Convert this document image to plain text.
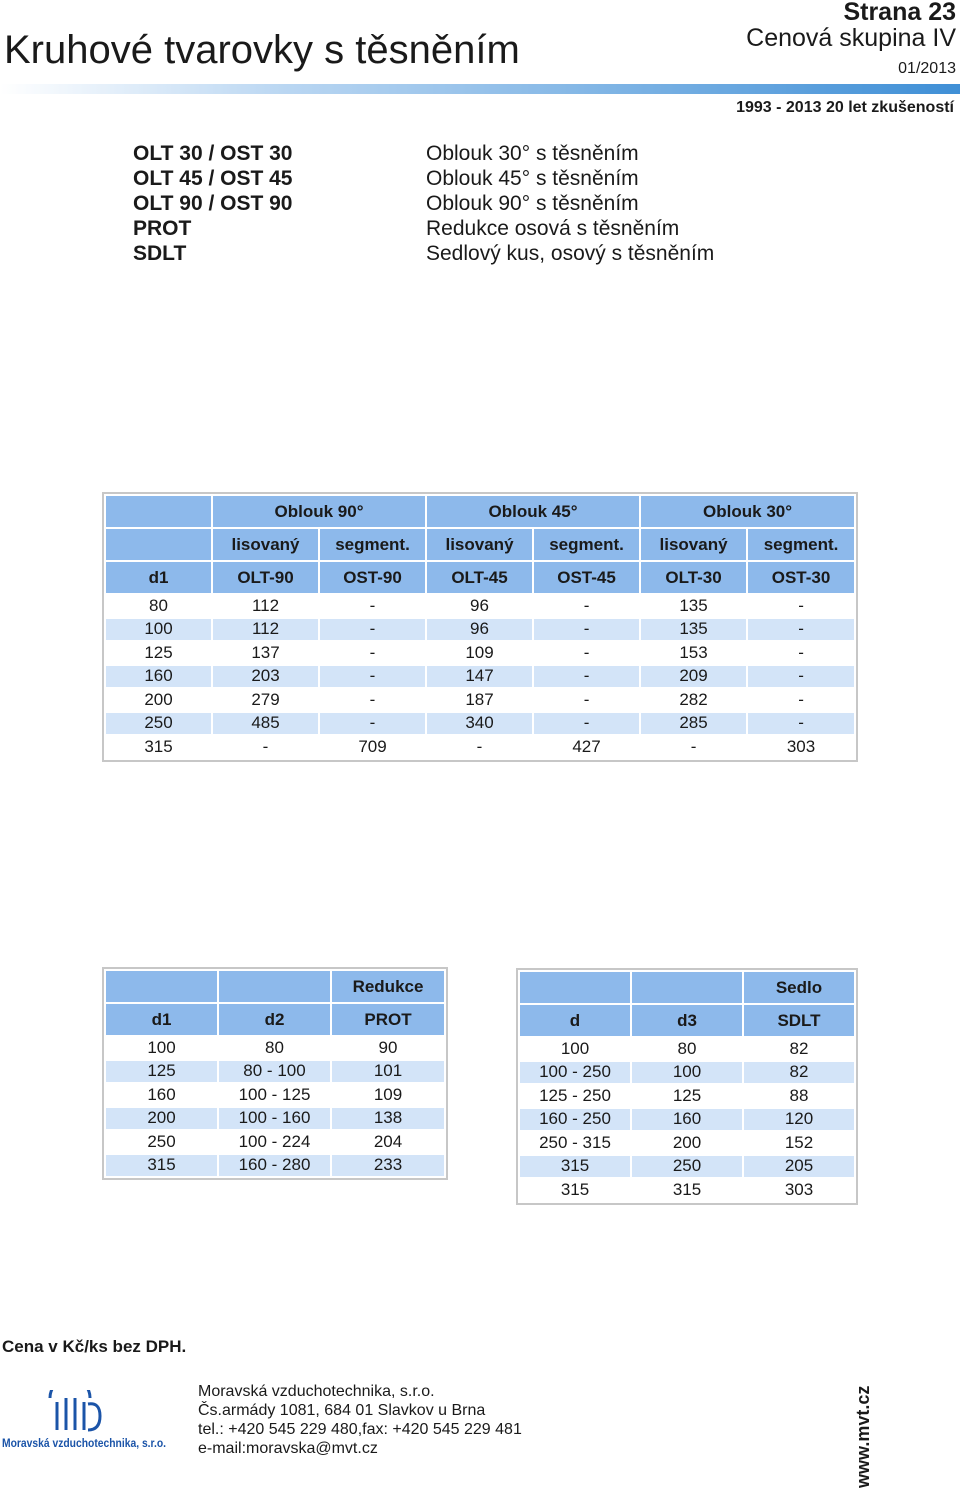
Kruhové tvarovky s těsněním
Strana 23
Cenová skupina IV
01/2013
1993 - 2013 20 let zkušeností
OLT 30 / OST 30	Oblouk 30° s těsněním
OLT 45 / OST 45	Oblouk 45° s těsněním
OLT 90 / OST 90	Oblouk 90° s těsněním
PROT	Redukce osová s těsněním
SDLT	Sedlový kus, osový s těsněním
	Oblouk 90°		Oblouk 45°		Oblouk 30°	
	lisovaný	segment.	lisovaný	segment.	lisovaný	segment.
d1	OLT-90	OST-90	OLT-45	OST-45	OLT-30	OST-30
80	112	-	96	-	135	-
100	112	-	96	-	135	-
125	137	-	109	-	153	-
160	203	-	147	-	209	-
200	279	-	187	-	282	-
250	485	-	340	-	285	-
315	-	709	-	427	-	303
		Redukce
d1	d2	PROT
100	80	90
125	80 - 100	101
160	100 - 125	109
200	100 - 160	138
250	100 - 224	204
315	160 - 280	233
		Sedlo
d	d3	SDLT
100	80	82
100 - 250	100	82
125 - 250	125	88
160 - 250	160	120
250 - 315	200	152
315	250	205
315	315	303
Cena v Kč/ks bez DPH.
Moravská vzduchotechnika, s.r.o.
Moravská vzduchotechnika, s.r.o.
Čs.armády 1081, 684 01 Slavkov u Brna
tel.: +420 545 229 480,fax: +420 545 229 481
e-mail:moravska@mvt.cz	www.mvt.cz
